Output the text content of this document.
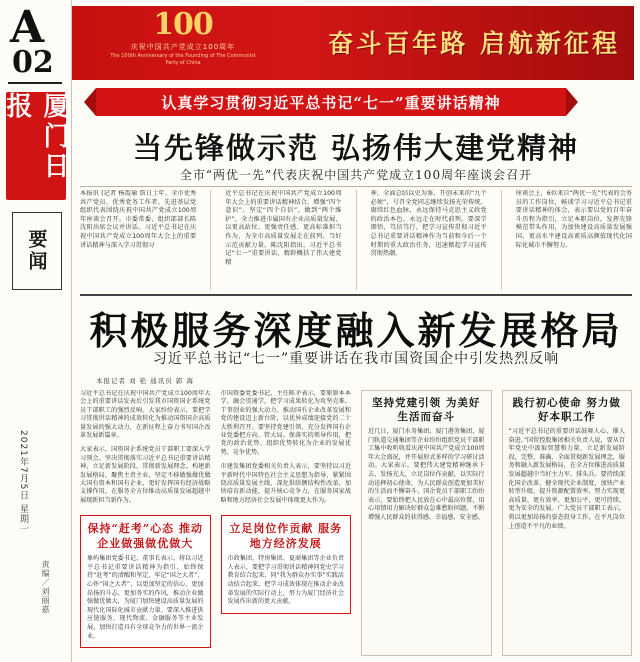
A
02
厦门日报
要闻
2021年7月5日 星期一
责编／刘丽嘉
100
庆祝中国共产党成立100周年
The 100th Anniversary of the Founding of The Communist Party of China
奋斗百年路 启航新征程
认真学习贯彻习近平总书记“七一”重要讲话精神
当先锋做示范 弘扬伟大建党精神
全市“两优一先”代表庆祝中国共产党成立100周年座谈会召开
本报讯 (记者 杨霞瑜 詹日土年、全市优秀共产党员、优秀党务工作者、先进基层党组织代表围绕庆祝中国共产党成立100周年座谈会召开。市委常委、组织部部长陈沈阳出席会议并讲话。习近平总书记在庆祝中国共产党成立100周年大会上的重要讲话精神与深入学习贯彻习
近平总书记在庆祝中国共产党成立100周年大会上的重要讲话精神结合，增强“四个意识”、坚定“四个自信”、做到“两个维护”，全力推进市属国有企业高质量发展，以更高站位、更强责任感、更高标准担当作为，为全市高质量发展走在前列、当好示范贡献力量。陈沈阳指出，习近平总书记“七一”重要讲话，精辟概括了伟大建党精
神，全面总结以史为鉴、开创未来的“九个必须”，号召全党同志继续发扬光荣传统、赓续红色血脉，永远保持马克思主义政党的政治本色、永远走在时代前列。要深学细悟、笃信笃行，把学习宣传贯彻习近平总书记重要讲话精神作为当前和今后一个时期的重大政治任务，迅速掀起学习宣传贯彻热潮。
座谈会上，6位来自“两优一先”代表的会务员的工作岗位，畅谈学习习近平总书记重要讲话精神的体会，表示要以党的百年奋斗历程为指引，立足本职岗位，发挥先锋模范带头作用，为加快建设高质量发展强国、更高水平建设高素质高颜值现代化国际化城市不懈努力。
积极服务深度融入新发展格局
习近平总书记“七一”重要讲话在我市国资国企中引发热烈反响
本报记者 刘 艳 通讯员 郭 海
习近平总书记在庆祝中国共产党成立100周年大会上的重要讲话发表后引发我市国资国企系统党员干部职工的强烈反响。大家纷纷表示，要把学习贯彻讲话精神的成效转化为推动国资国企高质量发展的强大动力，在新征程上奋力书写国企改革发展新篇章。
大家表示，国资国企系统党员干部职工要深入学习领会、坚决贯彻落实习近平总书记重要讲话精神，立足新发展阶段、贯彻新发展理念、构建新发展格局，聚焦主责主业，坚定不移做强做优做大国有资本和国有企业，更好发挥国有经济战略支撑作用，在服务全方位推动高质量发展超越中展现新担当新作为。
保持“赶考”心态 推动企业做强做优做大
象屿集团党委书记、董事长表示，将以习近平总书记重要讲话精神为指引，始终保持“赶考”的清醒和坚定，牢记“国之大者”，心怀“国之大者”，以更加坚定的信心、更加昂扬的斗志、更加务实的作风，推动企业做强做优做大，为厦门加快建设高质量发展的现代化国际化城市贡献力量。要深入推进供应链服务、现代物流、金融服务等主业发展，加快打造具有全球竞争力的世界一流企业。
市国资委党委书记、主任陈矛表示，要原原本本学、融会贯通学，把学习成果转化为攻坚克难、干事创业的强大动力。推动国有企业改革发展和党的建设迈上新台阶，以优异成绩迎接党的二十大胜利召开。要坚持党建引领，充分发挥国有企业党委把方向、管大局、保落实的领导作用，把党的政治优势、组织优势转化为企业的发展优势、竞争优势。
市建发集团党委相关负责人表示，要坚持以习近平新时代中国特色社会主义思想为指导，紧紧围绕高质量发展主线，深化供给侧结构性改革，加快培育新动能，提升核心竞争力，在服务国家战略和地方经济社会发展中体现更大作为。
立足岗位作贡献 服务地方经济发展
市政集团、特房集团、夏商集团等企业负责人表示，要把学习贯彻讲话精神同党史学习教育结合起来，同“我为群众办实事”实践活动结合起来，把学习成效体现在推动企业改革发展的实际行动上，努力为厦门经济社会发展作出新的更大贡献。
坚持党建引领 为美好生活而奋斗
近几日，厦门水务集团、厦门港务集团、厦门轨道交通集团等企业纷纷组织党员干部职工集中收听收看庆祝中国共产党成立100周年大会盛况，并开展形式多样的学习研讨活动。大家表示，要把伟大建党精神继承下去、发扬光大，立足岗位作贡献，以实际行动诠释初心使命，为人民群众创造更加美好的生活而不懈奋斗。国企党员干部职工纷纷表示，要始终把人民放在心中最高位置，用心用情用力解决好群众急难愁盼问题，不断增强人民群众的获得感、幸福感、安全感。
践行初心使命 努力做好本职工作
“习近平总书记的重要讲话鼓舞人心、催人奋进。”国贸控股集团相关负责人说，要从百年党史中汲取智慧和力量，立足新发展阶段，完整、准确、全面贯彻新发展理念，服务和融入新发展格局，在全方位推进高质量发展超越中当好主力军、排头兵。要持续深化国企改革，健全现代企业制度，加快产业转型升级，提升资源配置效率，努力实现更高质量、更有效率、更加公平、更可持续、更为安全的发展。广大党员干部职工表示，将以更加昂扬的姿态投身工作，在平凡岗位上创造不平凡的业绩。
